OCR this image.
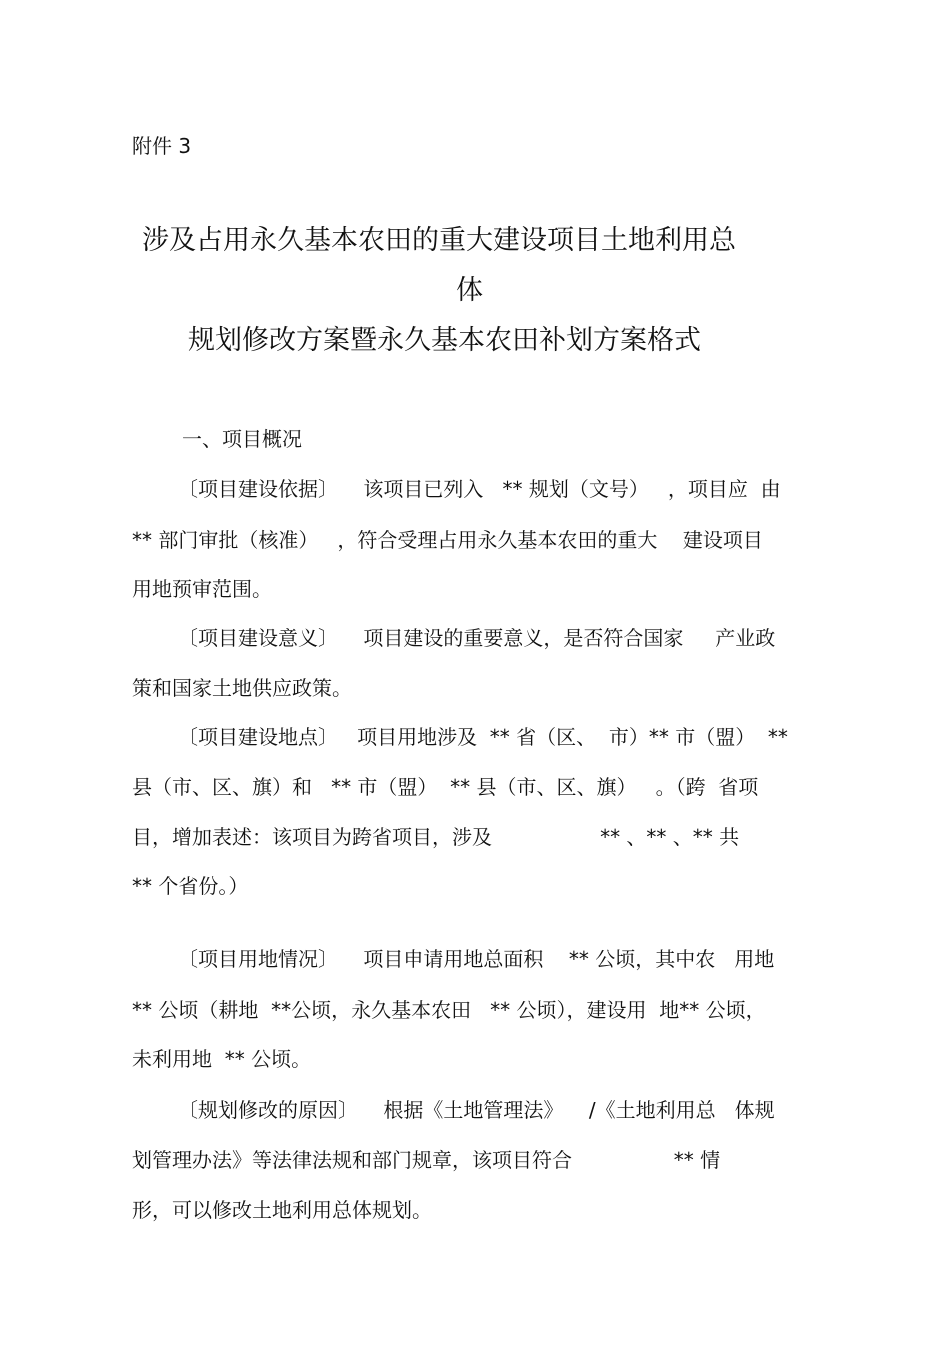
附件 3
涉及占用永久基本农田的重大建设项目土地利用总
体
规划修改方案暨永久基本农田补划方案格式
一、项目概况
〔项目建设依据〕    该项目已列入   ** 规划（文号）   ，项目应  由
** 部门审批（核准）   ，符合受理占用永久基本农田的重大    建设项目
用地预审范围。
〔项目建设意义〕    项目建设的重要意义，是否符合国家     产业政
策和国家土地供应政策。
〔项目建设地点〕   项目用地涉及  ** 省（区、  市）** 市（盟）  **
县（市、区、旗）和   ** 市（盟）  ** 县（市、区、旗）   。（跨  省项
目，增加表述：该项目为跨省项目，涉及                 ** 、** 、** 共
** 个省份。）
〔项目用地情况〕    项目申请用地总面积    ** 公顷，其中农   用地
** 公顷（耕地  **公顷，永久基本农田   ** 公顷），建设用  地** 公顷，
未利用地  ** 公顷。
〔规划修改的原因〕    根据《土地管理法》    /《土地利用总   体规
划管理办法》等法律法规和部门规章，该项目符合                ** 情
形，可以修改土地利用总体规划。
